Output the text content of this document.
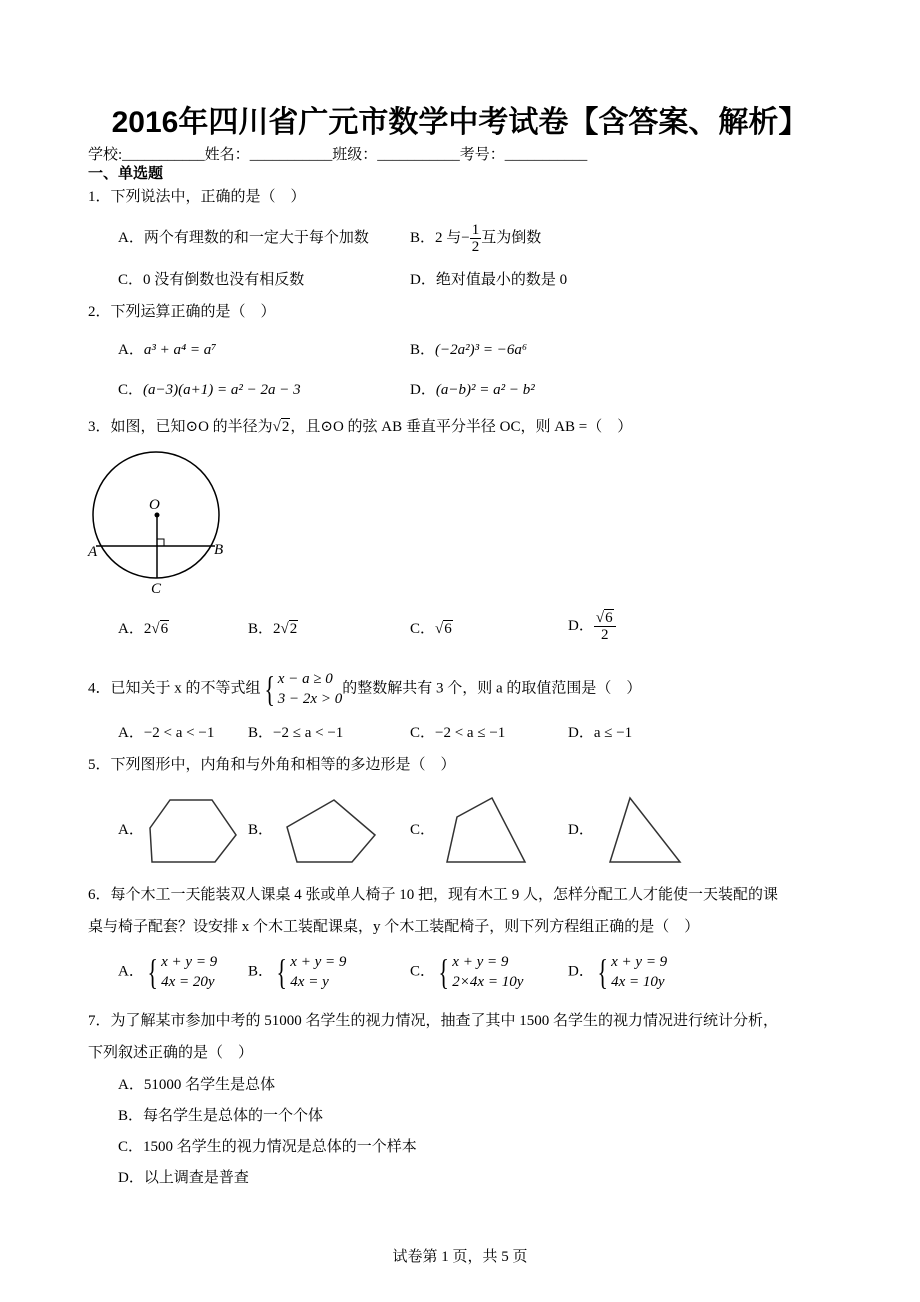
2016年四川省广元市数学中考试卷【含答案、解析】
学校:___________姓名：___________班级：___________考号：___________
一、单选题
1．下列说法中，正确的是（　）
A．两个有理数的和一定大于每个加数	B．2 与− $\frac{1}{2}$ 互为倒数
C．0 没有倒数也没有相反数	D．绝对值最小的数是 0
2．下列运算正确的是（　）
A．a³ + a⁴ = a⁷	B．(−2a²)³ = −6a⁶
C．(a−3)(a+1) = a² − 2a − 3	D．(a−b)² = a² − b²
3．如图，已知⊙O 的半径为√2，且⊙O 的弦 AB 垂直平分半径 OC，则 AB =（　）
O
A	B
C
A．2√6	B．2√2	C．√6	D． $\frac{√6}{2}$
4．已知关于 x 的不等式组 { x − a ≥ 0
3 − 2x > 0
的整数解共有 3 个，则 a 的取值范围是（　）
A．−2 < a < −1 B．−2 ≤ a < −1	C．−2 < a ≤ −1	D．a ≤ −1
5．下列图形中，内角和与外角和相等的多边形是（　）
A．	B．	C．	D．
6．每个木工一天能装双人课桌 4 张或单人椅子 10 把，现有木工 9 人，怎样分配工人才能使一天装配的课
桌与椅子配套？设安排 x 个木工装配课桌，y 个木工装配椅子，则下列方程组正确的是（　）
A． { x + y = 9
4x = 20y
B． { x + y = 9
4x = y
C． { x + y = 9
2×4x = 10y
D． { x + y = 9
4x = 10y
7．为了解某市参加中考的 51000 名学生的视力情况，抽查了其中 1500 名学生的视力情况进行统计分析，
下列叙述正确的是（　）
A．51000 名学生是总体
B．每名学生是总体的一个个体
C．1500 名学生的视力情况是总体的一个样本
D．以上调查是普查
试卷第 1 页，共 5 页
